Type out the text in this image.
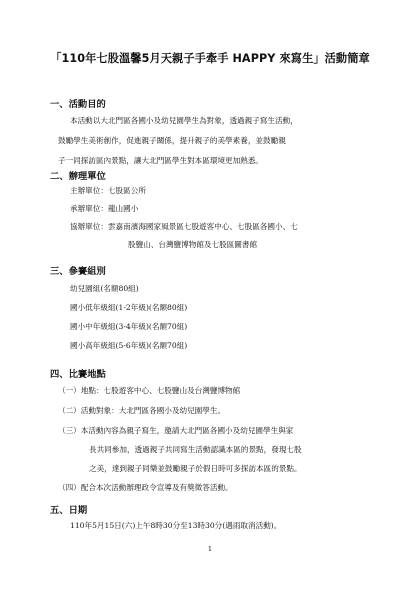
「110年七股溫馨5月天親子手牽手 HAPPY 來寫生」活動簡章
一、活動目的
本活動以大北門區各國小及幼兒園學生為對象，透過親子寫生活動，
鼓勵學生美術創作，促進親子關係，提升親子的美學素養，並鼓勵親
子一同探訪區內景點，讓大北門區學生對本區環境更加熟悉。
二、辦理單位
主辦單位：七股區公所
承辦單位：龍山國小
協辦單位：雲嘉南濱海國家風景區七股遊客中心、七股區各國小、七
股鹽山、台灣鹽博物館及七股區圖書館
三、參賽組別
幼兒園組(名額80組)
國小低年級組(1-2年級)(名額80組)
國小中年級組(3-4年級)(名額70組)
國小高年級組(5-6年級)(名額70組)
四、比賽地點
（一）地點：七股遊客中心、七股鹽山及台灣鹽博物館
（二）活動對象：大北門區各國小及幼兒園學生。
（三）本活動內容為親子寫生，邀請大北門區各國小及幼兒園學生與家
長共同參加，透過親子共同寫生活動認識本區的景點，發現七股
之美，達到親子同樂並鼓勵親子於假日時可多探訪本區的景點。
（四）配合本次活動辦理政令宣導及有獎徵答活動。
五、日期
110年5月15日(六)上午8時30分至13時30分(遇雨取消活動)。
1
